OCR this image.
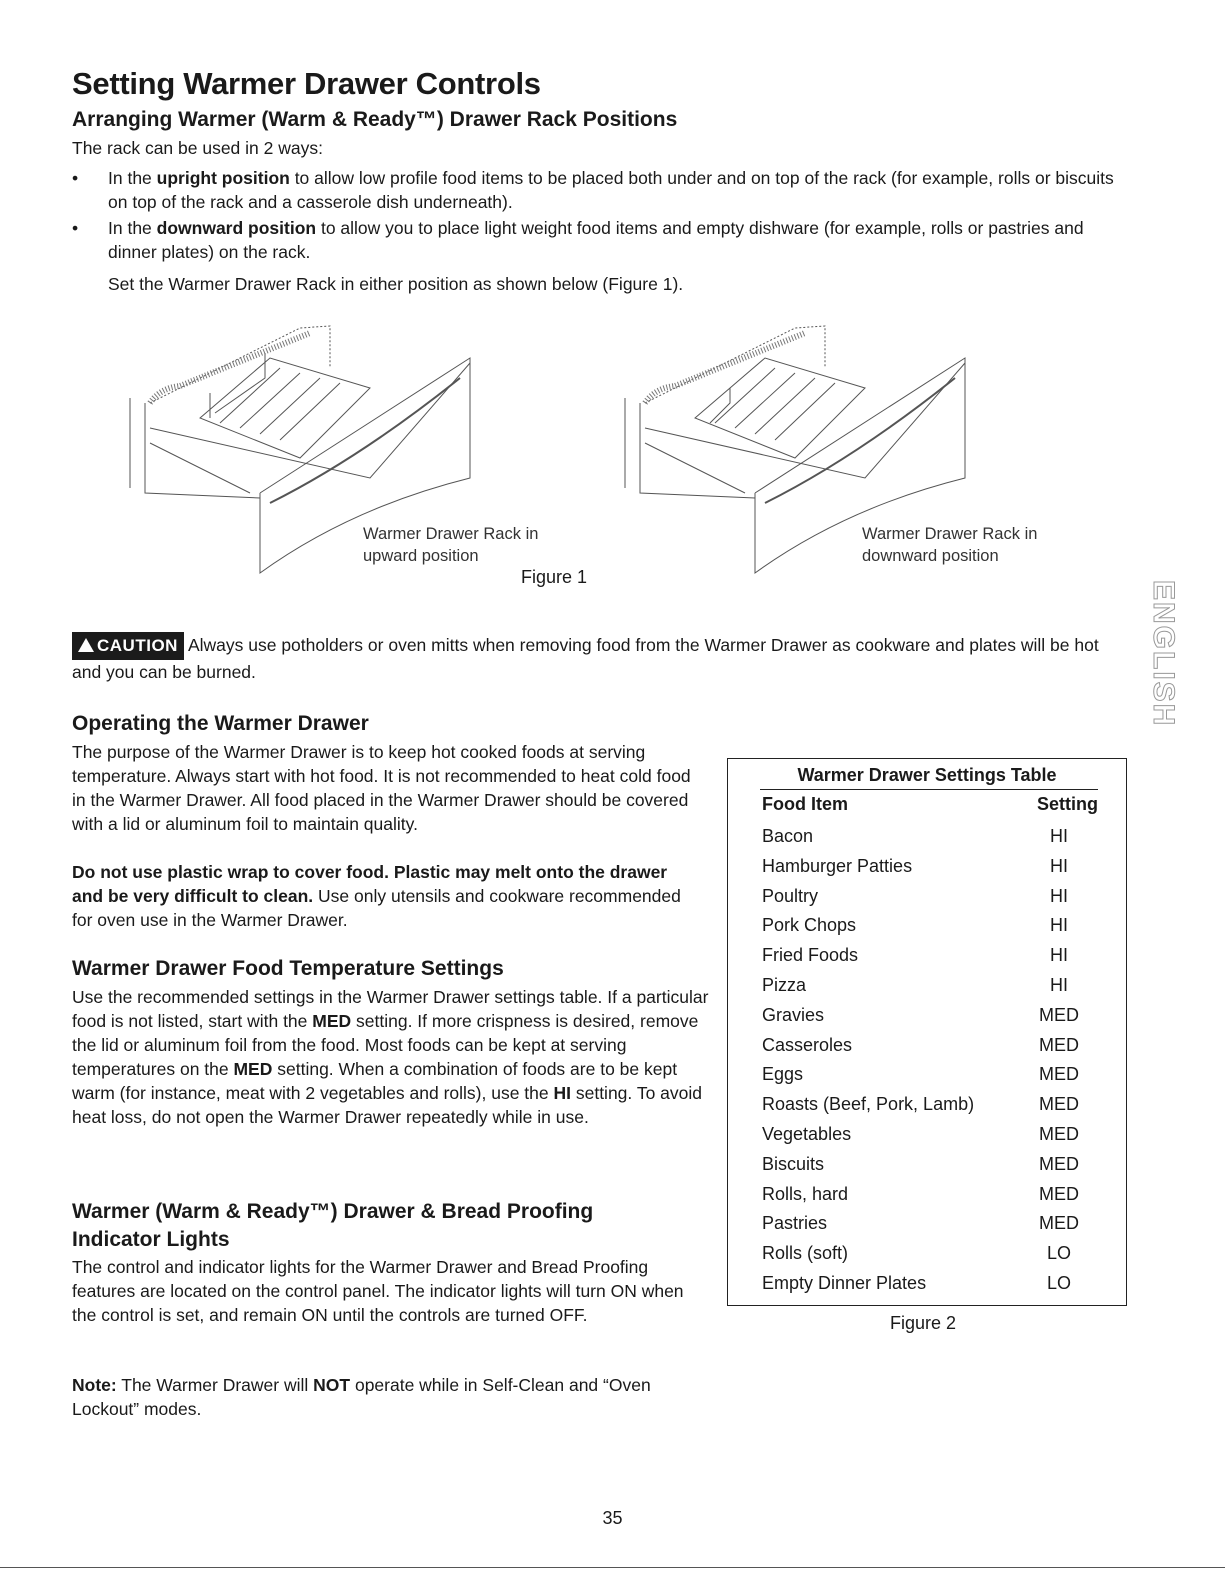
Setting Warmer Drawer Controls
Arranging Warmer (Warm & Ready™) Drawer Rack Positions

The rack can be used in 2 ways:

• In the upright position to allow low profile food items to be placed both under and on top of the rack (for example, rolls or biscuits on top of the rack and a casserole dish underneath).
• In the downward position to allow you to place light weight food items and empty dishware (for example, rolls or pastries and dinner plates) on the rack.

Set the Warmer Drawer Rack in either position as shown below (Figure 1).

Warmer Drawer Rack in
upward position
Warmer Drawer Rack in
downward position
Figure 1
CAUTION Always use potholders or oven mitts when removing food from the Warmer Drawer as cookware and plates will be hot and you can be burned.
Operating the Warmer Drawer

The purpose of the Warmer Drawer is to keep hot cooked foods at serving temperature. Always start with hot food. It is not recommended to heat cold food in the Warmer Drawer. All food placed in the Warmer Drawer should be covered with a lid or aluminum foil to maintain quality.

Do not use plastic wrap to cover food. Plastic may melt onto the drawer and be very difficult to clean. Use only utensils and cookware recommended for oven use in the Warmer Drawer.

Warmer Drawer Food Temperature Settings

Use the recommended settings in the Warmer Drawer settings table. If a particular food is not listed, start with the MED setting. If more crispness is desired, remove the lid or aluminum foil from the food. Most foods can be kept at serving temperatures on the MED setting. When a combination of foods are to be kept warm (for instance, meat with 2 vegetables and rolls), use the HI setting. To avoid heat loss, do not open the Warmer Drawer repeatedly while in use.

Warmer (Warm & Ready™) Drawer & Bread Proofing
Indicator Lights

The control and indicator lights for the Warmer Drawer and Bread Proofing features are located on the control panel. The indicator lights will turn ON when the control is set, and remain ON until the controls are turned OFF.

Note: The Warmer Drawer will NOT operate while in Self-Clean and “Oven Lockout” modes.

Warmer Drawer Settings Table
Food Item	Setting
Bacon	HI
Hamburger Patties	HI
Poultry	HI
Pork Chops	HI
Fried Foods	HI
Pizza	HI
Gravies	MED
Casseroles	MED
Eggs	MED
Roasts (Beef, Pork, Lamb)	MED
Vegetables	MED
Biscuits	MED
Rolls, hard	MED
Pastries	MED
Rolls (soft)	LO
Empty Dinner Plates	LO
Figure 2
ENGLISH
35
